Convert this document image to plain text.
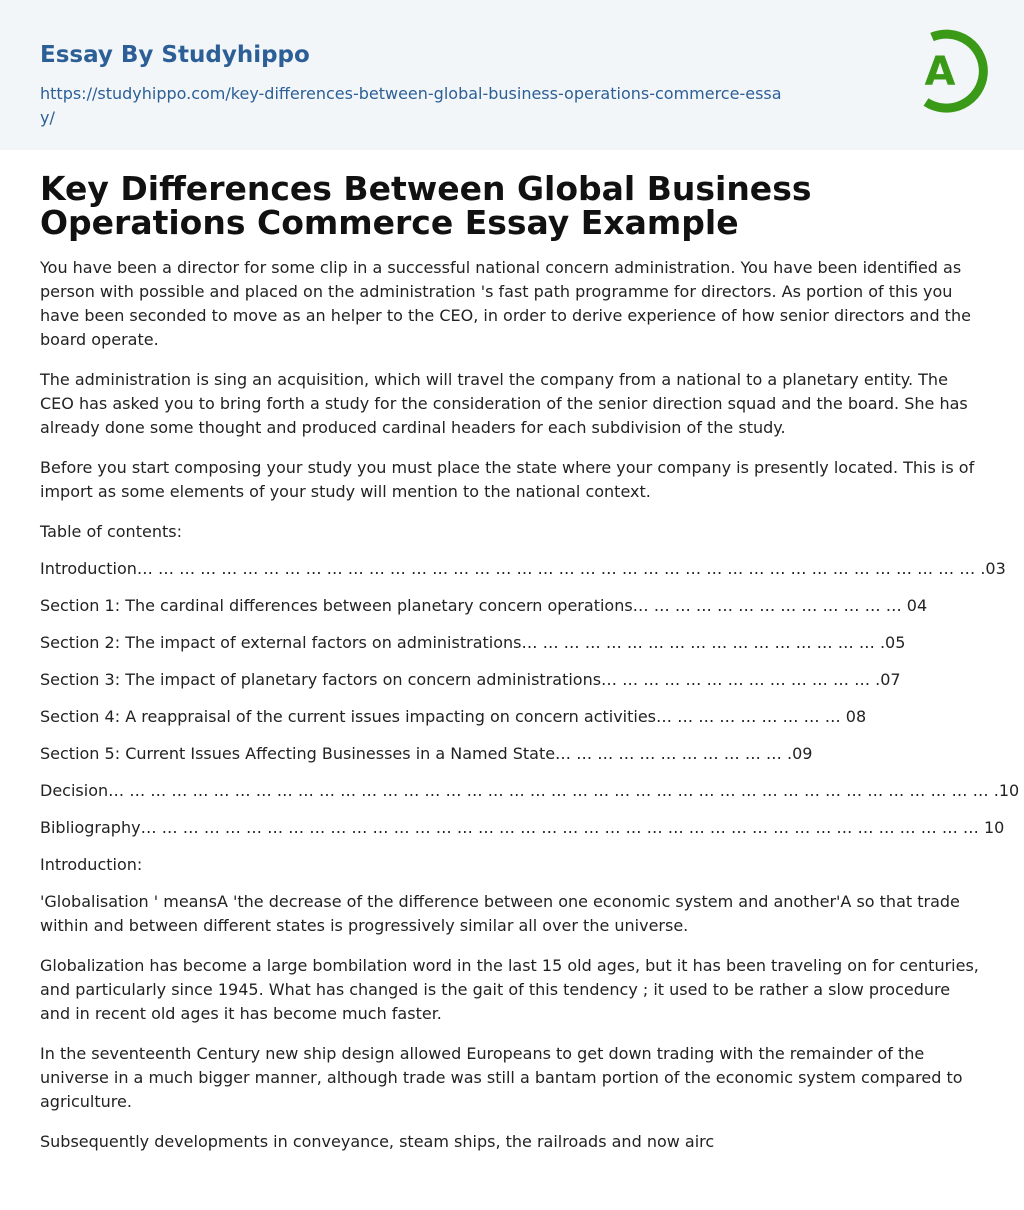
Essay By Studyhippo
https://studyhippo.com/key-differences-between-global-business-operations-commerce-essay/
A
Key Differences Between Global Business Operations Commerce Essay Example

You have been a director for some clip in a successful national concern administration. You have been identified as person with possible and placed on the administration 's fast path programme for directors. As portion of this you have been seconded to move as an helper to the CEO, in order to derive experience of how senior directors and the board operate.

The administration is sing an acquisition, which will travel the company from a national to a planetary entity. The CEO has asked you to bring forth a study for the consideration of the senior direction squad and the board. She has already done some thought and produced cardinal headers for each subdivision of the study.

Before you start composing your study you must place the state where your company is presently located. This is of import as some elements of your study will mention to the national context.

Table of contents:

Introduction… … … … … … … … … … … … … … … … … … … … … … … … … … … … … … … … … … … … … … … … .03

Section 1: The cardinal differences between planetary concern operations… … … … … … … … … … … … … 04

Section 2: The impact of external factors on administrations… … … … … … … … … … … … … … … … … .05

Section 3: The impact of planetary factors on concern administrations… … … … … … … … … … … … … .07

Section 4: A reappraisal of the current issues impacting on concern activities… … … … … … … … … 08

Section 5: Current Issues Affecting Businesses in a Named State… … … … … … … … … … … .09

Decision… … … … … … … … … … … … … … … … … … … … … … … … … … … … … … … … … … … … … … … … … … .10

Bibliography… … … … … … … … … … … … … … … … … … … … … … … … … … … … … … … … … … … … … … … … 10

Introduction:

'Globalisation ' meansA 'the decrease of the difference between one economic system and another'A so that trade within and between different states is progressively similar all over the universe.

Globalization has become a large bombilation word in the last 15 old ages, but it has been traveling on for centuries, and particularly since 1945. What has changed is the gait of this tendency ; it used to be rather a slow procedure and in recent old ages it has become much faster.

In the seventeenth Century new ship design allowed Europeans to get down trading with the remainder of the universe in a much bigger manner, although trade was still a bantam portion of the economic system compared to agriculture.

Subsequently developments in conveyance, steam ships, the railroads and now airc
